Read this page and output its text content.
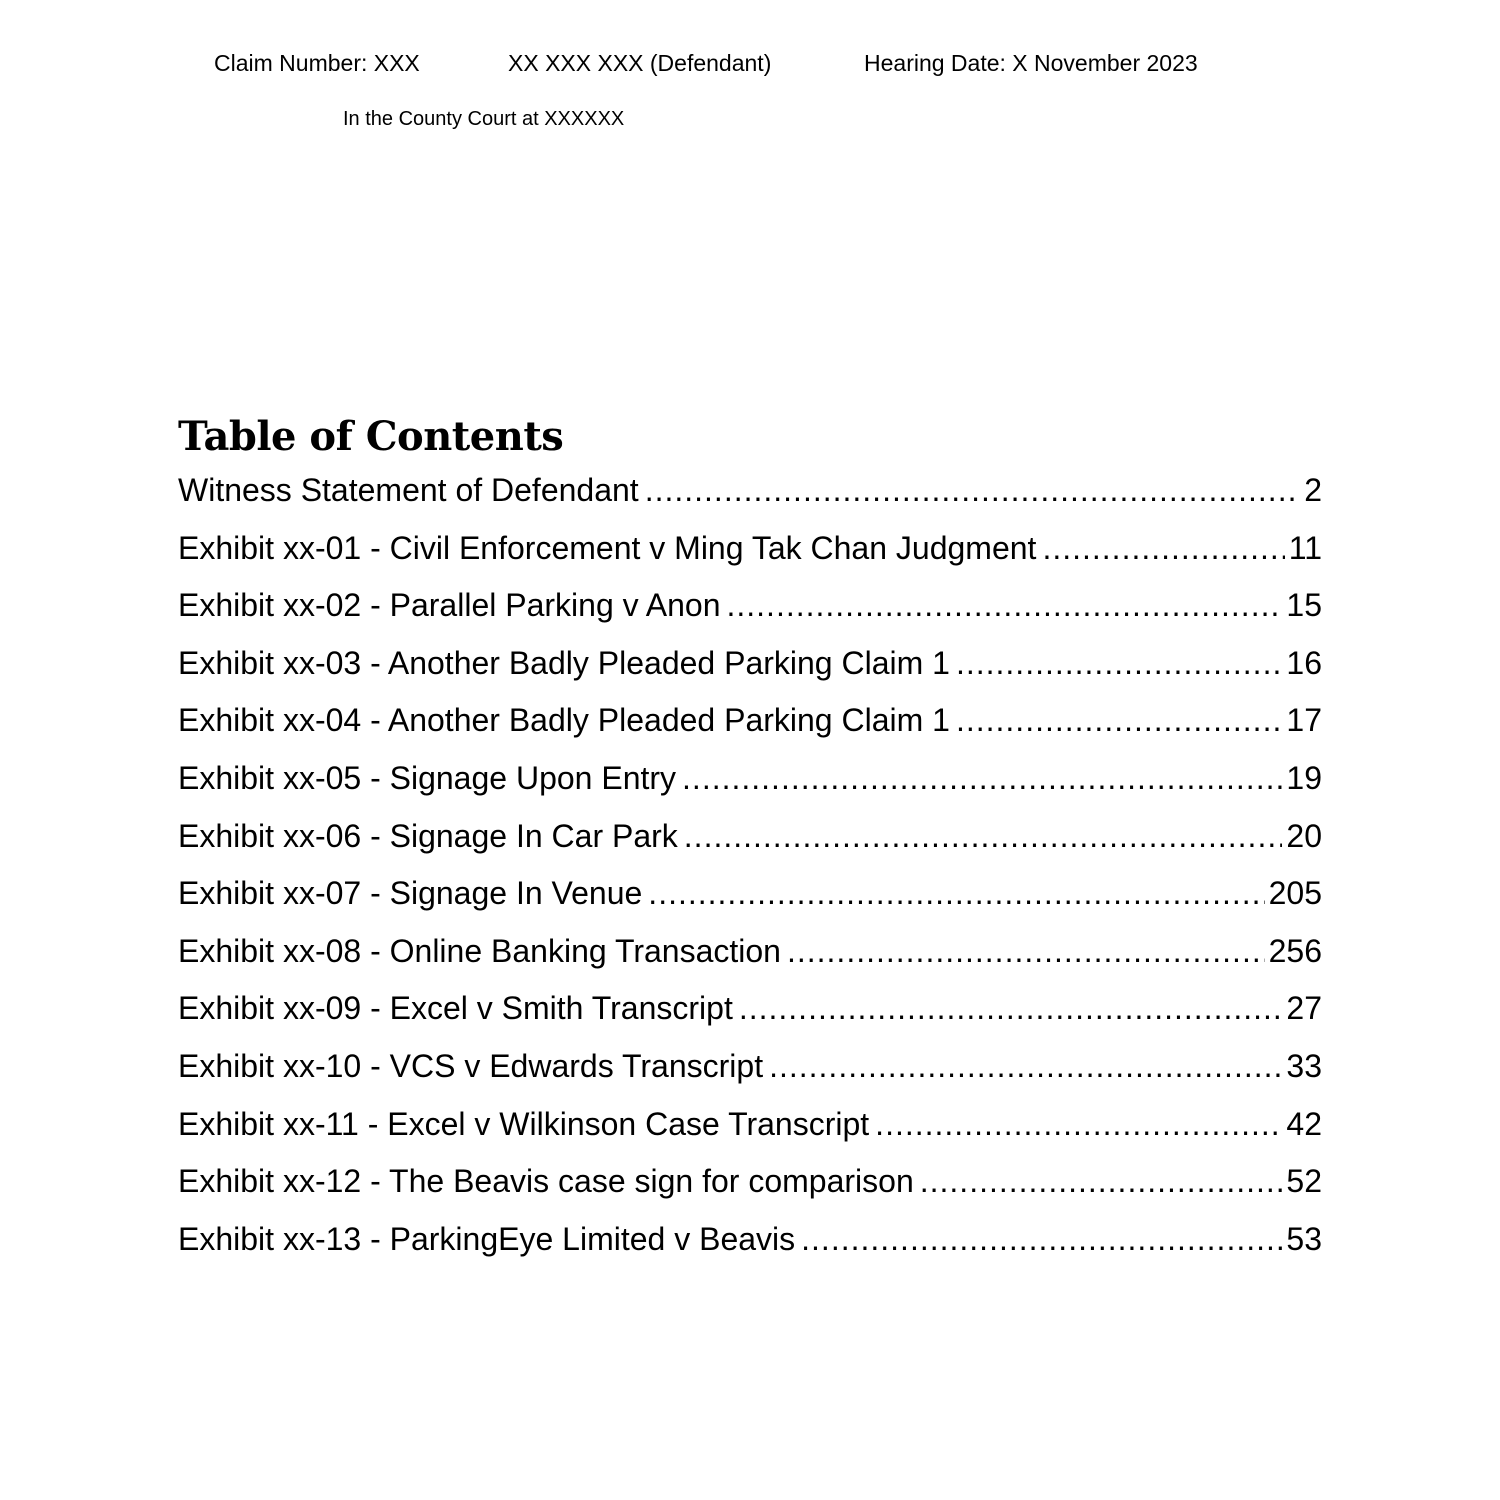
Claim Number: XXX	XX XXX XXX (Defendant)	Hearing Date: X November 2023
In the County Court at XXXXXX
Table of Contents
Witness Statement of Defendant .....	2
Exhibit xx-01 - Civil Enforcement v Ming Tak Chan Judgment .....	11
Exhibit xx-02 - Parallel Parking v Anon .....	15
Exhibit xx-03 - Another Badly Pleaded Parking Claim 1 .....	16
Exhibit xx-04 - Another Badly Pleaded Parking Claim 1 .....	17
Exhibit xx-05 - Signage Upon Entry .....	19
Exhibit xx-06 - Signage In Car Park .....	20
Exhibit xx-07 - Signage In Venue .....	205
Exhibit xx-08 - Online Banking Transaction .....	256
Exhibit xx-09 - Excel v Smith Transcript .....	27
Exhibit xx-10 - VCS v Edwards Transcript .....	33
Exhibit xx-11 - Excel v Wilkinson Case Transcript .....	42
Exhibit xx-12 - The Beavis case sign for comparison .....	52
Exhibit xx-13 - ParkingEye Limited v Beavis .....	53
